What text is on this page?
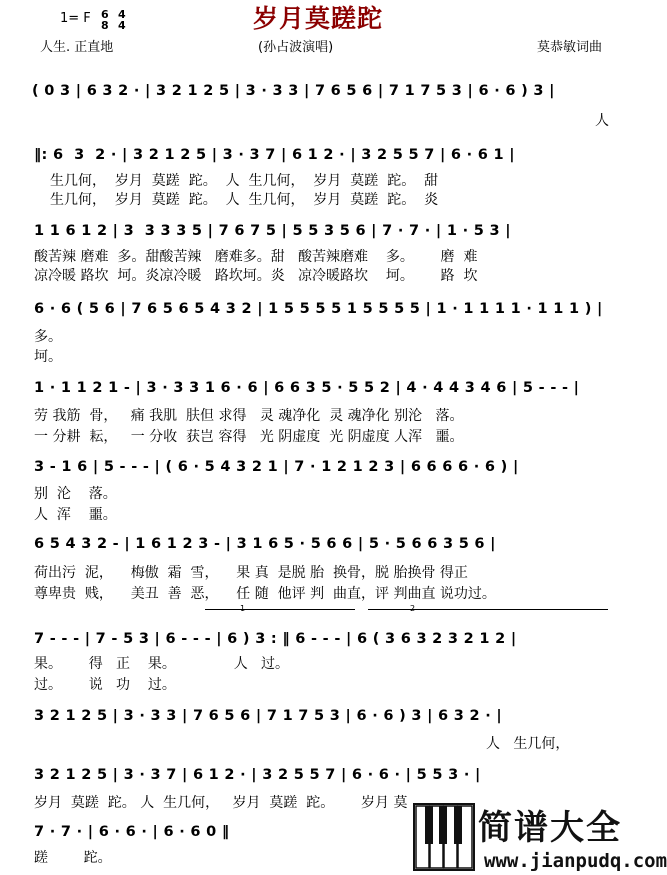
1= F 6
8
4
4	岁月莫蹉跎
人生. 正直地	(孙占波演唱)	莫恭敏词曲
( 0 3 | 6 3 2 · | 3 2 1 2 5 | 3 · 3 3 | 7 6 5 6 | 7 1 7 5 3 | 6 · 6 ) 3 |
人
‖: 6  3  2 · | 3 2 1 2 5 | 3 · 3 7 | 6 1 2 · | 3 2 5 5 7 | 6 · 6 1 |
生几何，  岁月  莫蹉  跎。  人  生几何，  岁月  莫蹉  跎。  甜
生几何，  岁月  莫蹉  跎。  人  生几何，  岁月  莫蹉  跎。  炎
1 1 6 1 2 | 3  3 3 3 5 | 7 6 7 5 | 5 5 3 5 6 | 7 · 7 · | 1 · 5 3 |
酸苦辣 磨难  多。甜酸苦辣   磨难多。甜   酸苦辣磨难    多。      磨  难
凉冷暖 路坎  坷。炎凉冷暖   路坎坷。炎   凉冷暖路坎    坷。      路  坎
6 · 6 ( 5 6 | 7 6 5 6 5 4 3 2 | 1 5 5 5 5 1 5 5 5 5 | 1 · 1 1 1 1 · 1 1 1 ) |
多。
坷。
1 · 1 1 2 1 - | 3 · 3 3 1 6 · 6 | 6 6 3 5 · 5 5 2 | 4 · 4 4 3 4 6 | 5 - - - |
劳 我筋  骨，   痛 我肌  肤但 求得   灵 魂净化  灵 魂净化 别沦   落。
一 分耕  耘，   一 分收  获岂 容得   光 阴虚度  光 阴虚度 人浑   噩。
3 - 1 6 | 5 - - - | ( 6 · 5 4 3 2 1 | 7 · 1 2 1 2 3 | 6 6 6 6 · 6 ) |
别  沦    落。
人  浑    噩。
6 5 4 3 2 - | 1 6 1 2 3 - | 3 1 6 5 · 5 6 6 | 5 · 5 6 6 3 5 6 |
荷出污  泥，    梅傲  霜  雪，    果 真  是脱 胎  换骨，脱 胎换骨 得正
尊卑贵  贱，    美丑  善  恶，    任 随  他评 判  曲直，评 判曲直 说功过。
1	2
7 - - - | 7 - 5 3 | 6 - - - | 6 ) 3 : ‖ 6 - - - | 6 ( 3 6 3 2 3 2 1 2 |
果。      得   正    果。             人   过。
过。      说   功    过。
3 2 1 2 5 | 3 · 3 3 | 7 6 5 6 | 7 1 7 5 3 | 6 · 6 ) 3 | 6 3 2 · |
人   生几何，
3 2 1 2 5 | 3 · 3 7 | 6 1 2 · | 3 2 5 5 7 | 6 · 6 · | 5 5 3 · |
岁月  莫蹉  跎。 人  生几何，   岁月  莫蹉  跎。      岁月 莫
7 · 7 · | 6 · 6 · | 6 · 6 0 ‖
蹉        跎。
简谱大全
www.jianpudq.com
